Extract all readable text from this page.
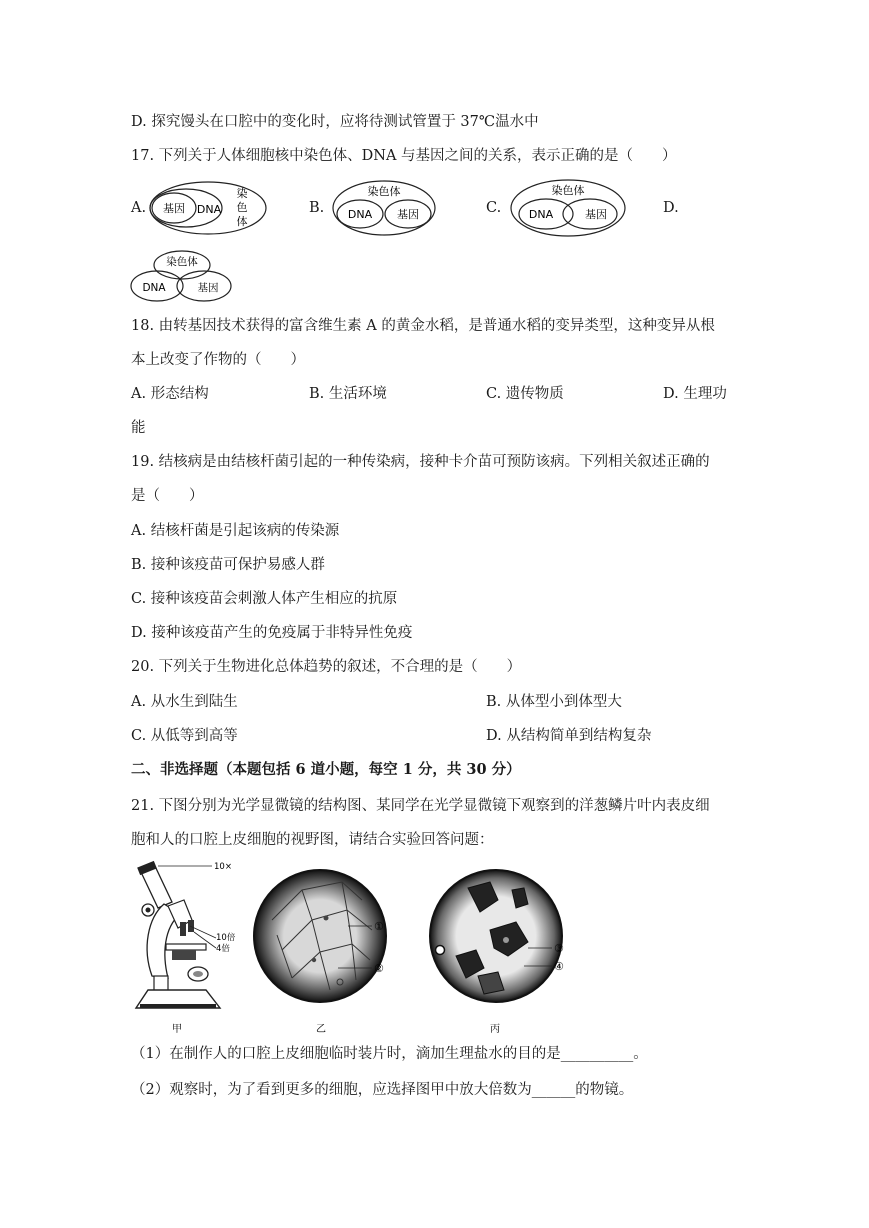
D. 探究馒头在口腔中的变化时，应将待测试管置于 37℃温水中
17. 下列关于人体细胞核中染色体、DNA 与基因之间的关系，表示正确的是（　　）
A. 基因 DNA
染
色
体
B.
染色体
DNA 基因	C.
染色体
DNA	基因	D.
染色体
DNA	基因
18. 由转基因技术获得的富含维生素 A 的黄金水稻，是普通水稻的变异类型，这种变异从根
本上改变了作物的（　　）
A. 形态结构	B. 生活环境	C. 遗传物质	D. 生理功
能
19. 结核病是由结核杆菌引起的一种传染病，接种卡介苗可预防该病。下列相关叙述正确的
是（　　）
A. 结核杆菌是引起该病的传染源
B. 接种该疫苗可保护易感人群
C. 接种该疫苗会刺激人体产生相应的抗原
D. 接种该疫苗产生的免疫属于非特异性免疫
20. 下列关于生物进化总体趋势的叙述，不合理的是（　　）
A. 从水生到陆生	B. 从体型小到体型大
C. 从低等到高等	D. 从结构简单到结构复杂
二、非选择题（本题包括 6 道小题，每空 1 分，共 30 分）
21. 下图分别为光学显微镜的结构图、某同学在光学显微镜下观察到的洋葱鳞片叶内表皮细
胞和人的口腔上皮细胞的视野图，请结合实验回答问题：
10×
10倍
4倍
甲
①
②
乙
③
④
丙
（1）在制作人的口腔上皮细胞临时装片时，滴加生理盐水的目的是__________。
（2）观察时，为了看到更多的细胞，应选择图甲中放大倍数为______的物镜。
